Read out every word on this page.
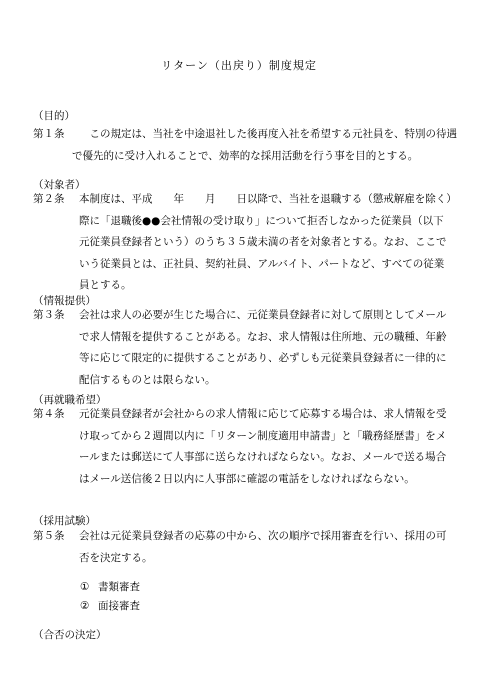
リターン（出戻り）制度規定
（目的）
第１条 　この規定は、当社を中途退社した後再度入社を希望する元社員を、特別の待遇
で優先的に受け入れることで、効率的な採用活動を行う事を目的とする。
（対象者）
第２条 本制度は、平成　　年　　月　　日以降で、当社を退職する（懲戒解雇を除く）
際に「退職後●●会社情報の受け取り」について拒否しなかった従業員（以下
元従業員登録者という）のうち３５歳未満の者を対象者とする。なお、ここで
いう従業員とは、正社員、契約社員、アルバイト、パートなど、すべての従業
員とする。
（情報提供）
第３条 会社は求人の必要が生じた場合に、元従業員登録者に対して原則としてメール
で求人情報を提供することがある。なお、求人情報は住所地、元の職種、年齢
等に応じて限定的に提供することがあり、必ずしも元従業員登録者に一律的に
配信するものとは限らない。
（再就職希望）
第４条 元従業員登録者が会社からの求人情報に応じて応募する場合は、求人情報を受
け取ってから２週間以内に「リターン制度適用申請書」と「職務経歴書」をメ
ールまたは郵送にて人事部に送らなければならない。なお、メールで送る場合
はメール送信後２日以内に人事部に確認の電話をしなければならない。
（採用試験）
第５条 会社は元従業員登録者の応募の中から、次の順序で採用審査を行い、採用の可
否を決定する。
① 書類審査
② 面接審査
（合否の決定）
